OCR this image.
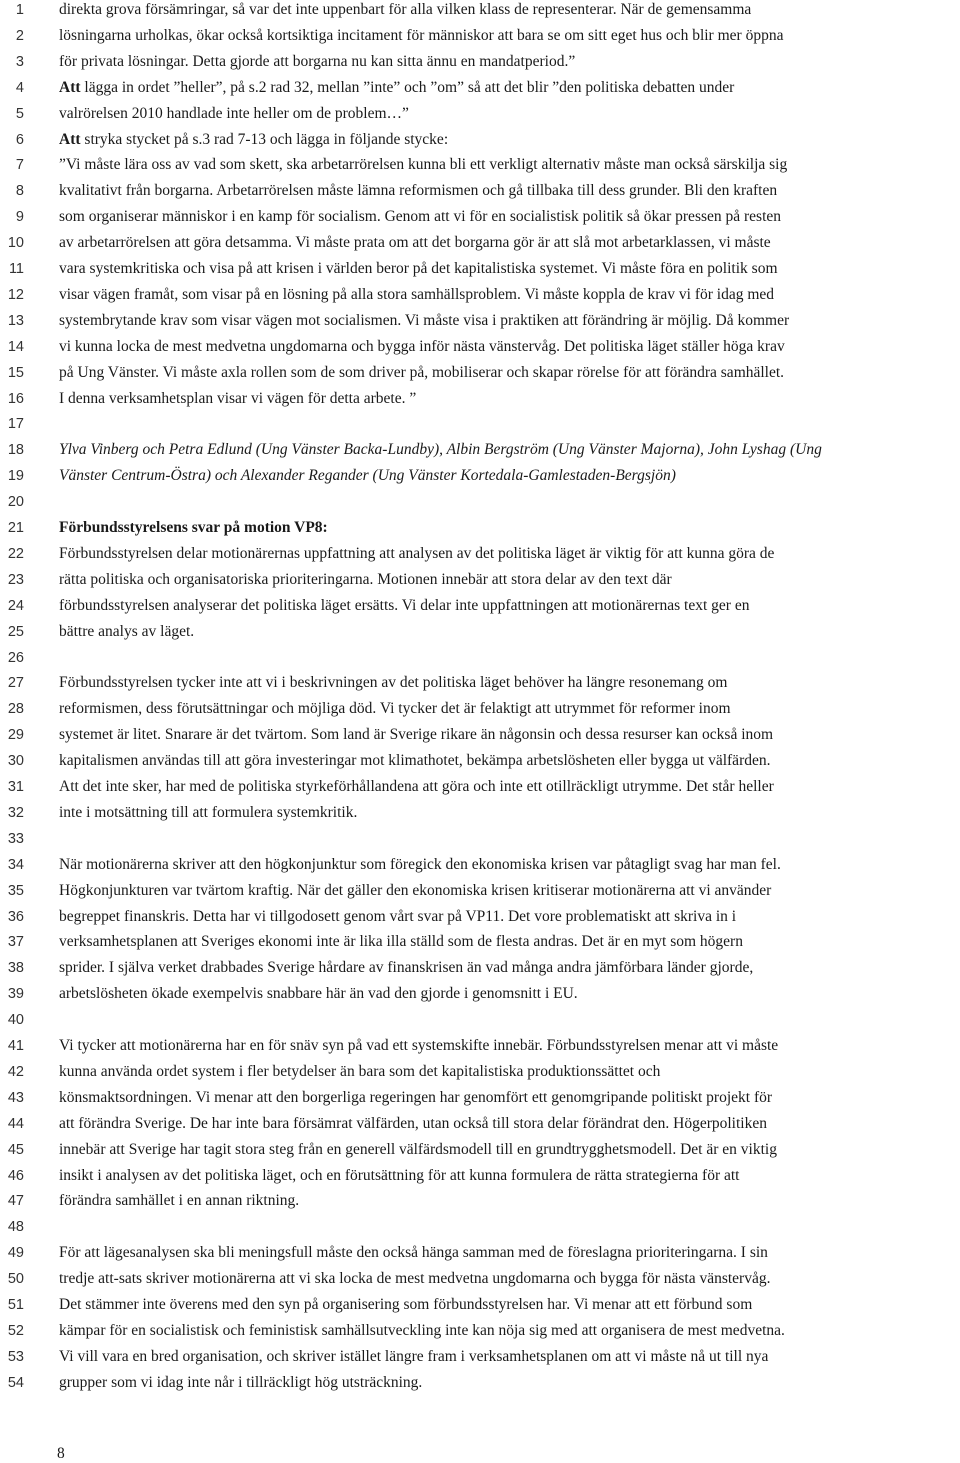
1
2
3
4
5
6
7
8
9
10
11
12
13
14
15
16
17
18
19
20
21
22
23
24
25
26
27
28
29
30
31
32
33
34
35
36
37
38
39
40
41
42
43
44
45
46
47
48
49
50
51
52
53
54
direkta grova försämringar, så var det inte uppenbart för alla vilken klass de representerar. När de gemensamma
lösningarna urholkas, ökar också kortsiktiga incitament för människor att bara se om sitt eget hus och blir mer öppna
för privata lösningar. Detta gjorde att borgarna nu kan sitta ännu en mandatperiod.”
Att lägga in ordet ”heller”, på s.2 rad 32, mellan ”inte” och ”om” så att det blir ”den politiska debatten under
valrörelsen 2010 handlade inte heller om de problem…”
Att stryka stycket på s.3 rad 7-13 och lägga in följande stycke:
”Vi måste lära oss av vad som skett, ska arbetarrörelsen kunna bli ett verkligt alternativ måste man också särskilja sig
kvalitativt från borgarna. Arbetarrörelsen måste lämna reformismen och gå tillbaka till dess grunder. Bli den kraften
som organiserar människor i en kamp för socialism. Genom att vi för en socialistisk politik så ökar pressen på resten
av arbetarrörelsen att göra detsamma. Vi måste prata om att det borgarna gör är att slå mot arbetarklassen, vi måste
vara systemkritiska och visa på att krisen i världen beror på det kapitalistiska systemet. Vi måste föra en politik som
visar vägen framåt, som visar på en lösning på alla stora samhällsproblem. Vi måste koppla de krav vi för idag med
systembrytande krav som visar vägen mot socialismen. Vi måste visa i praktiken att förändring är möjlig. Då kommer
vi kunna locka de mest medvetna ungdomarna och bygga inför nästa vänstervåg. Det politiska läget ställer höga krav
på Ung Vänster. Vi måste axla rollen som de som driver på, mobiliserar och skapar rörelse för att förändra samhället.
I denna verksamhetsplan visar vi vägen för detta arbete. ”
Ylva Vinberg och Petra Edlund (Ung Vänster Backa-Lundby), Albin Bergström (Ung Vänster Majorna), John Lyshag (Ung
Vänster Centrum-Östra) och Alexander Regander (Ung Vänster Kortedala-Gamlestaden-Bergsjön)
Förbundsstyrelsens svar på motion VP8:
Förbundsstyrelsen delar motionärernas uppfattning att analysen av det politiska läget är viktig för att kunna göra de
rätta politiska och organisatoriska prioriteringarna. Motionen innebär att stora delar av den text där
förbundsstyrelsen analyserar det politiska läget ersätts. Vi delar inte uppfattningen att motionärernas text ger en
bättre analys av läget.
Förbundsstyrelsen tycker inte att vi i beskrivningen av det politiska läget behöver ha längre resonemang om
reformismen, dess förutsättningar och möjliga död. Vi tycker det är felaktigt att utrymmet för reformer inom
systemet är litet. Snarare är det tvärtom. Som land är Sverige rikare än någonsin och dessa resurser kan också inom
kapitalismen användas till att göra investeringar mot klimathotet, bekämpa arbetslösheten eller bygga ut välfärden.
Att det inte sker, har med de politiska styrkeförhållandena att göra och inte ett otillräckligt utrymme. Det står heller
inte i motsättning till att formulera systemkritik.
När motionärerna skriver att den högkonjunktur som föregick den ekonomiska krisen var påtagligt svag har man fel.
Högkonjunkturen var tvärtom kraftig. När det gäller den ekonomiska krisen kritiserar motionärerna att vi använder
begreppet finanskris. Detta har vi tillgodosett genom vårt svar på VP11. Det vore problematiskt att skriva in i
verksamhetsplanen att Sveriges ekonomi inte är lika illa ställd som de flesta andras. Det är en myt som högern
sprider. I själva verket drabbades Sverige hårdare av finanskrisen än vad många andra jämförbara länder gjorde,
arbetslösheten ökade exempelvis snabbare här än vad den gjorde i genomsnitt i EU.
Vi tycker att motionärerna har en för snäv syn på vad ett systemskifte innebär. Förbundsstyrelsen menar att vi måste
kunna använda ordet system i fler betydelser än bara som det kapitalistiska produktionssättet och
könsmaktsordningen. Vi menar att den borgerliga regeringen har genomfört ett genomgripande politiskt projekt för
att förändra Sverige. De har inte bara försämrat välfärden, utan också till stora delar förändrat den. Högerpolitiken
innebär att Sverige har tagit stora steg från en generell välfärdsmodell till en grundtrygghetsmodell. Det är en viktig
insikt i analysen av det politiska läget, och en förutsättning för att kunna formulera de rätta strategierna för att
förändra samhället i en annan riktning.
För att lägesanalysen ska bli meningsfull måste den också hänga samman med de föreslagna prioriteringarna. I sin
tredje att-sats skriver motionärerna att vi ska locka de mest medvetna ungdomarna och bygga för nästa vänstervåg.
Det stämmer inte överens med den syn på organisering som förbundsstyrelsen har. Vi menar att ett förbund som
kämpar för en socialistisk och feministisk samhällsutveckling inte kan nöja sig med att organisera de mest medvetna.
Vi vill vara en bred organisation, och skriver istället längre fram i verksamhetsplanen om att vi måste nå ut till nya
grupper som vi idag inte når i tillräckligt hög utsträckning.
8
